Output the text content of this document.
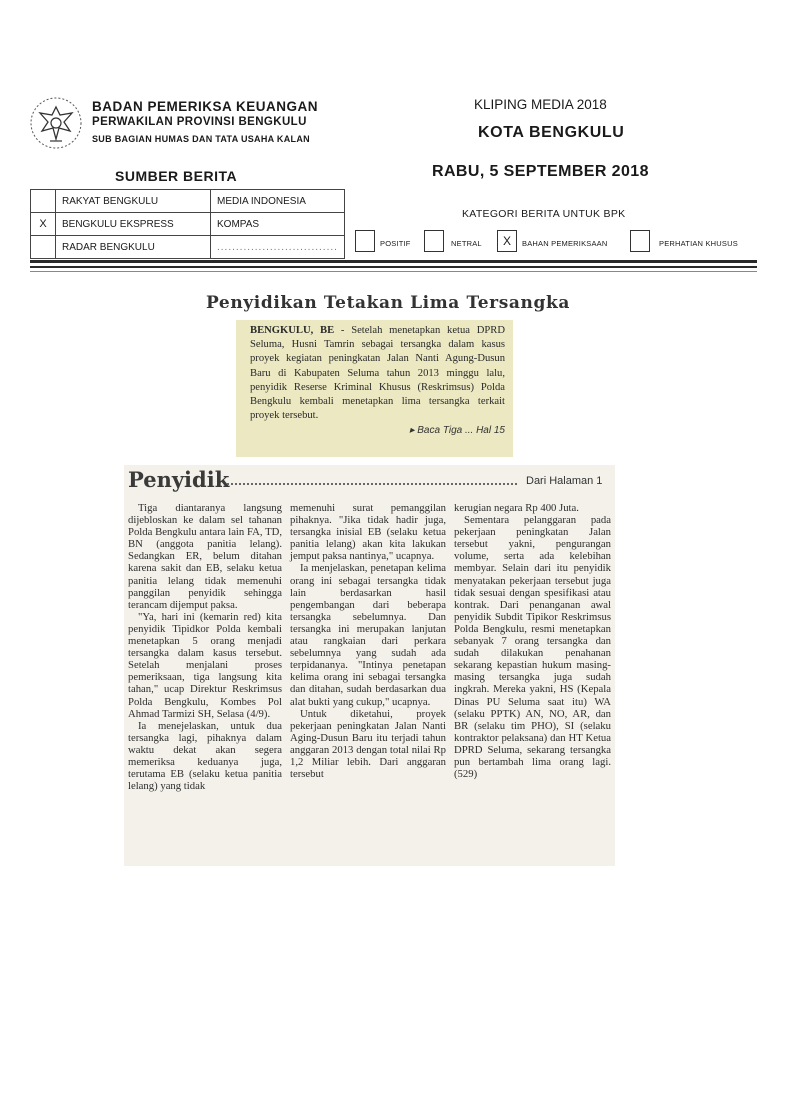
BADAN PEMERIKSA KEUANGAN
PERWAKILAN PROVINSI BENGKULU
SUB BAGIAN HUMAS DAN TATA USAHA KALAN
KLIPING MEDIA 2018
KOTA BENGKULU
RABU, 5 SEPTEMBER 2018
SUMBER BERITA
	RAKYAT BENGKULU	MEDIA INDONESIA
X	BENGKULU EKSPRESS	KOMPAS
	RADAR BENGKULU	................................
KATEGORI BERITA UNTUK BPK
POSITIF	NETRAL	X	BAHAN PEMERIKSAAN	PERHATIAN KHUSUS
Penyidikan Tetakan Lima Tersangka

BENGKULU, BE - Setelah menetapkan ketua DPRD Seluma, Husni Tamrin sebagai tersangka dalam kasus proyek kegiatan peningkatan Jalan Nanti Agung-Dusun Baru di Kabupaten Seluma tahun 2013 minggu lalu, penyidik Reserse Kriminal Khusus (Reskrimsus) Polda Bengkulu kembali menetapkan lima tersangka terkait proyek tersebut.

▸ Baca Tiga ... Hal 15

Penyidik	Dari Halaman 1

Tiga diantaranya langsung dijebloskan ke dalam sel tahanan Polda Bengkulu antara lain FA, TD, BN (anggota panitia lelang). Sedangkan ER, belum ditahan karena sakit dan EB, selaku ketua panitia lelang tidak memenuhi panggilan penyidik sehingga terancam dijemput paksa.

"Ya, hari ini (kemarin red) kita penyidik Tipidkor Polda kembali menetapkan 5 orang menjadi tersangka dalam kasus tersebut. Setelah menjalani proses pemeriksaan, tiga langsung kita tahan," ucap Direktur Reskrimsus Polda Bengkulu, Kombes Pol Ahmad Tarmizi SH, Selasa (4/9).

Ia menejelaskan, untuk dua tersangka lagi, pihaknya dalam waktu dekat akan segera memeriksa keduanya juga, terutama EB (selaku ketua panitia lelang) yang tidak

memenuhi surat pemanggilan pihaknya. "Jika tidak hadir juga, tersangka inisial EB (selaku ketua panitia lelang) akan kita lakukan jemput paksa nantinya," ucapnya.

Ia menjelaskan, penetapan kelima orang ini sebagai tersangka tidak lain berdasarkan hasil pengembangan dari beberapa tersangka sebelumnya. Dan tersangka ini merupakan lanjutan atau rangkaian dari perkara sebelumnya yang sudah ada terpidananya. "Intinya penetapan kelima orang ini sebagai tersangka dan ditahan, sudah berdasarkan dua alat bukti yang cukup," ucapnya.

Untuk diketahui, proyek pekerjaan peningkatan Jalan Nanti Aging-Dusun Baru itu terjadi tahun anggaran 2013 dengan total nilai Rp 1,2 Miliar lebih. Dari anggaran tersebut

kerugian negara Rp 400 Juta.

Sementara pelanggaran pada pekerjaan peningkatan Jalan tersebut yakni, pengurangan volume, serta ada kelebihan membyar. Selain dari itu penyidik menyatakan pekerjaan tersebut juga tidak sesuai dengan spesifikasi atau kontrak. Dari penanganan awal penyidik Subdit Tipikor Reskrimsus Polda Bengkulu, resmi menetapkan sebanyak 7 orang tersangka dan sudah dilakukan penahanan sekarang kepastian hukum masing-masing tersangka juga sudah ingkrah. Mereka yakni, HS (Kepala Dinas PU Seluma saat itu) WA (selaku PPTK) AN, NO, AR, dan BR (selaku tim PHO), SI (selaku kontraktor pelaksana) dan HT Ketua DPRD Seluma, sekarang tersangka pun bertambah lima orang lagi. (529)
